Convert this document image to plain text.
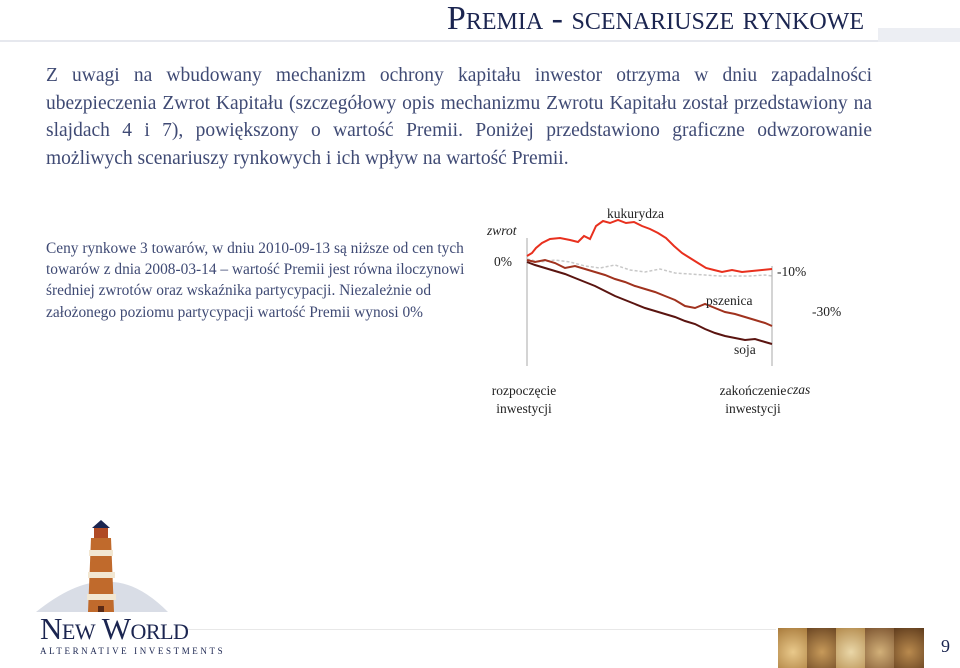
Premia - scenariusze rynkowe
Z uwagi na wbudowany mechanizm ochrony kapitału inwestor otrzyma w dniu zapadalności ubezpieczenia Zwrot Kapitału (szczegółowy opis mechanizmu Zwrotu Kapitału został przedstawiony na slajdach 4 i 7), powiększony o wartość Premii. Poniżej przedstawiono graficzne odwzorowanie możliwych scenariuszy rynkowych i ich wpływ na wartość Premii.
Ceny rynkowe 3 towarów, w dniu 2010-09-13 są niższe od cen tych towarów z dnia 2008-03-14 – wartość Premii jest równa iloczynowi średniej zwrotów oraz wskaźnika partycypacji. Niezależnie od założonego poziomu partycypacji wartość Premii wynosi 0%
zwrot
0%
kukurydza
pszenica
soja
-10%
-30%
rozpoczęcie inwestycji
zakończenie inwestycji
czas
New World
ALTERNATIVE INVESTMENTS	9
